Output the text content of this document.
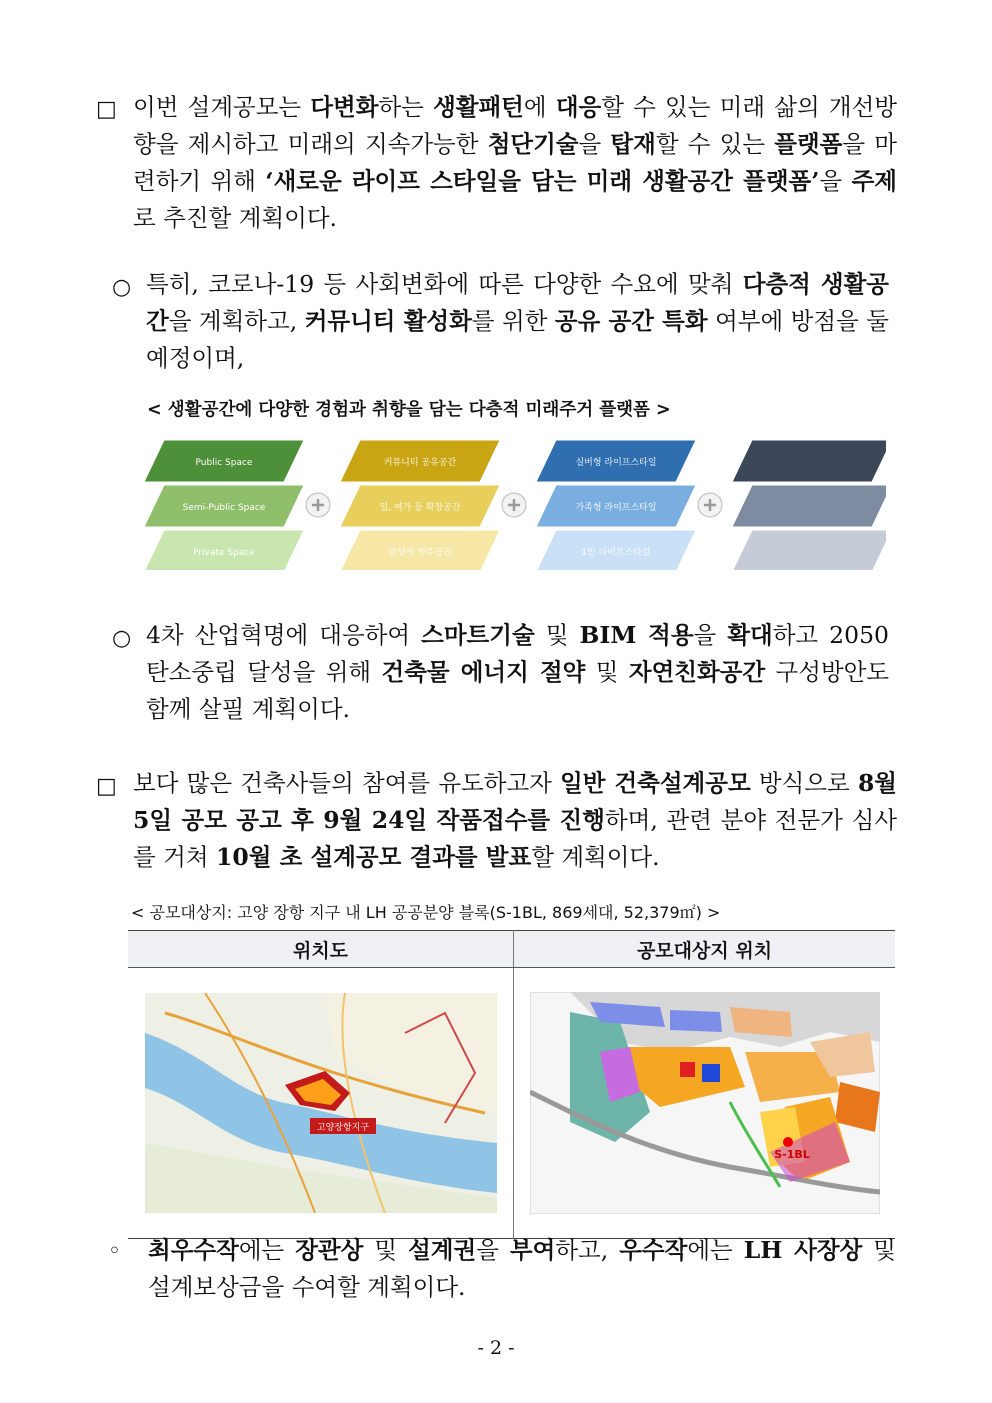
□ 이번 설계공모는 다변화하는 생활패턴에 대응할 수 있는 미래 삶의 개선방향을 제시하고 미래의 지속가능한 첨단기술을 탑재할 수 있는 플랫폼을 마련하기 위해 ‘새로운 라이프 스타일을 담는 미래 생활공간 플랫폼’을 주제로 추진할 계획이다.
○ 특히, 코로나-19 등 사회변화에 따른 다양한 수요에 맞춰 다층적 생활공간을 계획하고, 커뮤니티 활성화를 위한 공유 공간 특화 여부에 방점을 둘 예정이며,
< 생활공간에 다양한 경험과 취향을 담는 다층적 미래주거 플랫폼 >
Private Space
Semi-Public Space
Public Space
일상적 정주공간
일, 여가 등 확장공간
커뮤니티 공유공간
1인 라이프스타일
가족형 라이프스타일
실버형 라이프스타일
○ 4차 산업혁명에 대응하여 스마트기술 및 BIM 적용을 확대하고 2050 탄소중립 달성을 위해 건축물 에너지 절약 및 자연친화공간 구성방안도 함께 살필 계획이다.
□ 보다 많은 건축사들의 참여를 유도하고자 일반 건축설계공모 방식으로 8월 5일 공모 공고 후 9월 24일 작품접수를 진행하며, 관련 분야 전문가 심사를 거쳐 10월 초 설계공모 결과를 발표할 계획이다.
< 공모대상지: 고양 장항 지구 내 LH 공공분양 블록(S-1BL, 869세대, 52,379㎡) >
위치도	공모대상지 위치

고양장항지구	S-1BL
◦ 최우수작에는 장관상 및 설계권을 부여하고, 우수작에는 LH 사장상 및 설계보상금을 수여할 계획이다.
- 2 -
